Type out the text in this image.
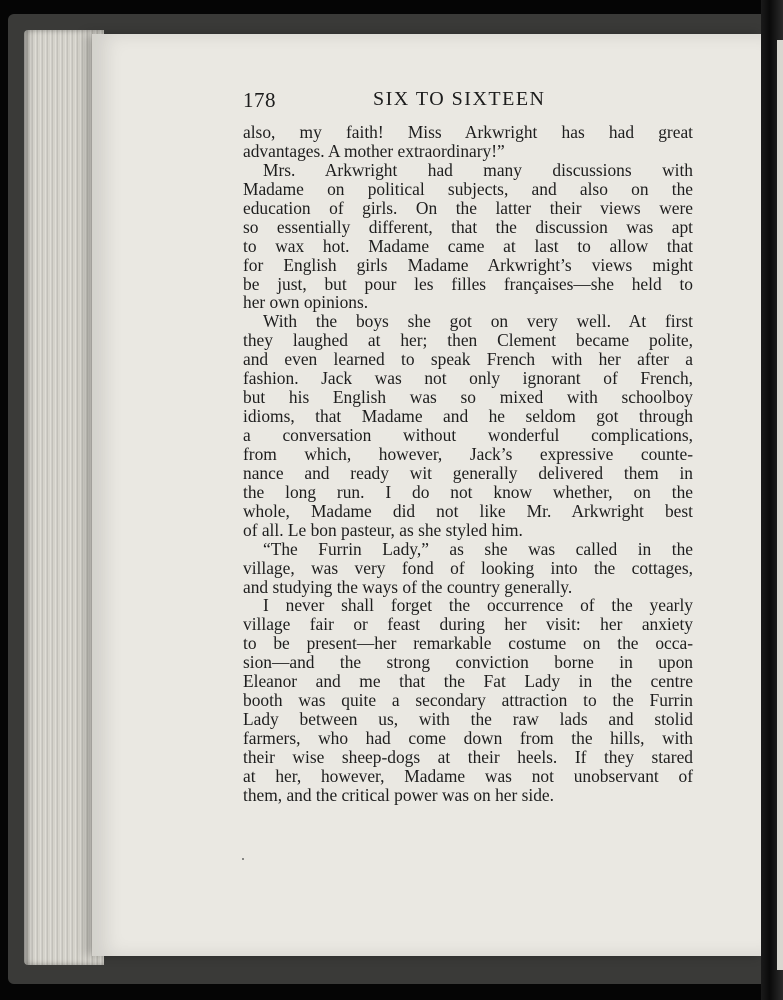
178	SIX TO SIXTEEN
also, my faith! Miss Arkwright has had great
advantages. A mother extraordinary!”
Mrs. Arkwright had many discussions with
Madame on political subjects, and also on the
education of girls. On the latter their views were
so essentially different, that the discussion was apt
to wax hot. Madame came at last to allow that
for English girls Madame Arkwright’s views might
be just, but pour les filles françaises—she held to
her own opinions.
With the boys she got on very well. At first
they laughed at her; then Clement became polite,
and even learned to speak French with her after a
fashion. Jack was not only ignorant of French,
but his English was so mixed with schoolboy
idioms, that Madame and he seldom got through
a conversation without wonderful complications,
from which, however, Jack’s expressive counte-
nance and ready wit generally delivered them in
the long run. I do not know whether, on the
whole, Madame did not like Mr. Arkwright best
of all. Le bon pasteur, as she styled him.
“The Furrin Lady,” as she was called in the
village, was very fond of looking into the cottages,
and studying the ways of the country generally.
I never shall forget the occurrence of the yearly
village fair or feast during her visit: her anxiety
to be present—her remarkable costume on the occa-
sion—and the strong conviction borne in upon
Eleanor and me that the Fat Lady in the centre
booth was quite a secondary attraction to the Furrin
Lady between us, with the raw lads and stolid
farmers, who had come down from the hills, with
their wise sheep-dogs at their heels. If they stared
at her, however, Madame was not unobservant of
them, and the critical power was on her side.
